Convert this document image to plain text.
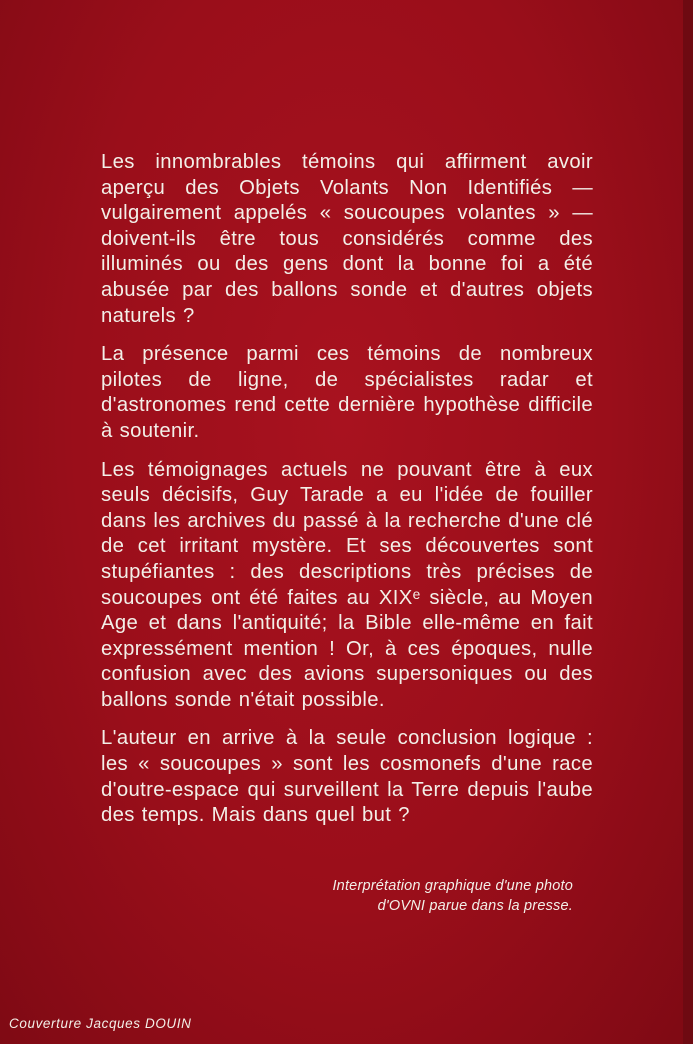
Les innombrables témoins qui affirment avoir aperçu des Objets Volants Non Identifiés — vulgairement appelés « soucoupes volantes » — doivent-ils être tous considérés comme des illuminés ou des gens dont la bonne foi a été abusée par des ballons sonde et d'autres objets naturels ?

La présence parmi ces témoins de nombreux pilotes de ligne, de spécialistes radar et d'astronomes rend cette dernière hypothèse difficile à soutenir.

Les témoignages actuels ne pouvant être à eux seuls décisifs, Guy Tarade a eu l'idée de fouiller dans les archives du passé à la recherche d'une clé de cet irritant mystère. Et ses découvertes sont stupéfiantes : des descriptions très précises de soucoupes ont été faites au XIXᵉ siècle, au Moyen Age et dans l'antiquité; la Bible elle-même en fait expressément mention ! Or, à ces époques, nulle confusion avec des avions supersoniques ou des ballons sonde n'était possible.

L'auteur en arrive à la seule conclusion logique : les « soucoupes » sont les cosmonefs d'une race d'outre-espace qui surveillent la Terre depuis l'aube des temps. Mais dans quel but ?

Interprétation graphique d'une photo
d'OVNI parue dans la presse.
Couverture Jacques DOUIN
